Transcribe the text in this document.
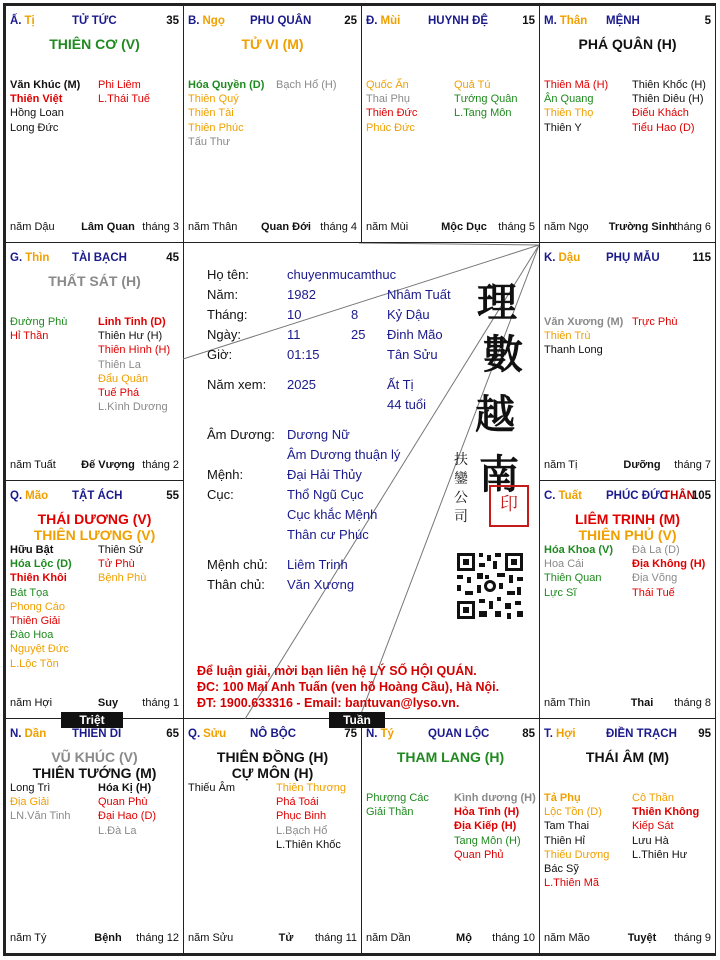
Ấ. Tị	TỬ TỨC	35
THIÊN CƠ (V)
Văn Khúc (M)
Thiên Việt
Hồng Loan
Long Đức
Phi Liêm
L.Thái Tuế
năm Dậu	Lâm Quan tháng 3
B. Ngọ PHU QUÂN	25
TỬ VI (M)
Hóa Quyền (D)
Thiên Quý
Thiên Tài
Thiên Phúc
Tấu Thư
Bạch Hổ (H)
năm Thân	Quan Đới tháng 4
Đ. Mùi HUYNH ĐỆ	15
Quốc Ấn
Thai Phụ
Thiên Đức
Phúc Đức
Quả Tú
Tướng Quân
L.Tang Môn
năm Mùi	Mộc Dục	tháng 5
M. Thân MỆNH	5
PHÁ QUÂN (H)
Thiên Mã (H)
Ân Quang
Thiên Thọ
Thiên Y
Thiên Khốc (H)
Thiên Diêu (H)
Điếu Khách
Tiểu Hao (D)
năm Ngọ	Trường Sinh tháng 6
G. Thìn TÀI BẠCH	45
THẤT SÁT (H)
Đường Phù
Hỉ Thần
Linh Tinh (D)
Thiên Hư (H)
Thiên Hình (H)
Thiên La
Đẩu Quân
Tuế Phá
L.Kình Dương
năm Tuất	Đế Vượng tháng 2
K. Dậu PHỤ MẪU	115
Văn Xương (M)
Thiên Trù
Thanh Long
Trực Phù
năm Tị	Dưỡng	tháng 7
Q. Mão TẬT ÁCH	55
THÁI DƯƠNG (V)
THIÊN LƯƠNG (V)
Hữu Bật
Hóa Lộc (D)
Thiên Khôi
Bát Tọa
Phong Cáo
Thiên Giải
Đào Hoa
Nguyệt Đức
L.Lộc Tồn
Thiên Sứ
Tử Phù
Bệnh Phù
năm Hợi	Suy	tháng 1
C. Tuất PHÚC ĐỨC
THÂN
105
LIÊM TRINH (M)
THIÊN PHỦ (V)
Hóa Khoa (V)
Hoa Cái
Thiên Quan
Lực Sĩ
Đà La (D)
Địa Không (H)
Địa Võng
Thái Tuế
năm Thìn	Thai	tháng 8
N. Dần THIÊN DI	65
VŨ KHÚC (V)
THIÊN TƯỚNG (M)
Long Trì
Địa Giải
LN.Văn Tinh
Hóa Kị (H)
Quan Phù
Đại Hao (D)
L.Đà La
năm Tý	Bệnh	tháng 12
Q. Sửu NÔ BỘC	75
THIÊN ĐỒNG (H)
CỰ MÔN (H)
Thiếu Âm	Thiên Thương
Phá Toái
Phục Binh
L.Bạch Hổ
L.Thiên Khốc
năm Sửu	Tử	tháng 11
N. Tý	QUAN LỘC	85
THAM LANG (H)
Phượng Các
Giải Thần
Kình dương (H)
Hỏa Tinh (H)
Địa Kiếp (H)
Tang Môn (H)
Quan Phủ
năm Dần	Mộ	tháng 10
T. Hợi	ĐIỀN TRẠCH 95
THÁI ÂM (M)
Tả Phụ
Lộc Tồn (D)
Tam Thai
Thiên Hỉ
Thiếu Dương
Bác Sỹ
L.Thiên Mã
Cô Thần
Thiên Không
Kiếp Sát
Lưu Hà
L.Thiên Hư
năm Mão	Tuyệt	tháng 9
Họ tên:	chuyenmucamthuc
Năm:	1982	Nhâm Tuất
Tháng:	10	8 Kỷ Dậu
Ngày:	11	25 Đinh Mão
Giờ:	01:15	Tân Sửu
Năm xem: 2025	Ất Tị
44 tuổi
Âm Dương: Dương Nữ
Âm Dương thuận lý
Mệnh:	Đại Hải Thủy
Cục:	Thổ Ngũ Cục
Cục khắc Mệnh
Thân cư Phúc
Mệnh chủ: Liêm Trinh
Thân chủ: Văn Xương
理
數
越
南
扶
鑾
公
司
印
Để luận giải, mời bạn liên hệ LÝ SỐ HỘI QUÁN.
ĐC: 100 Mai Anh Tuấn (ven hồ Hoàng Cầu), Hà Nội.
ĐT: 1900.633316 - Email: bantuvan@lyso.vn.
Triệt	Tuần
